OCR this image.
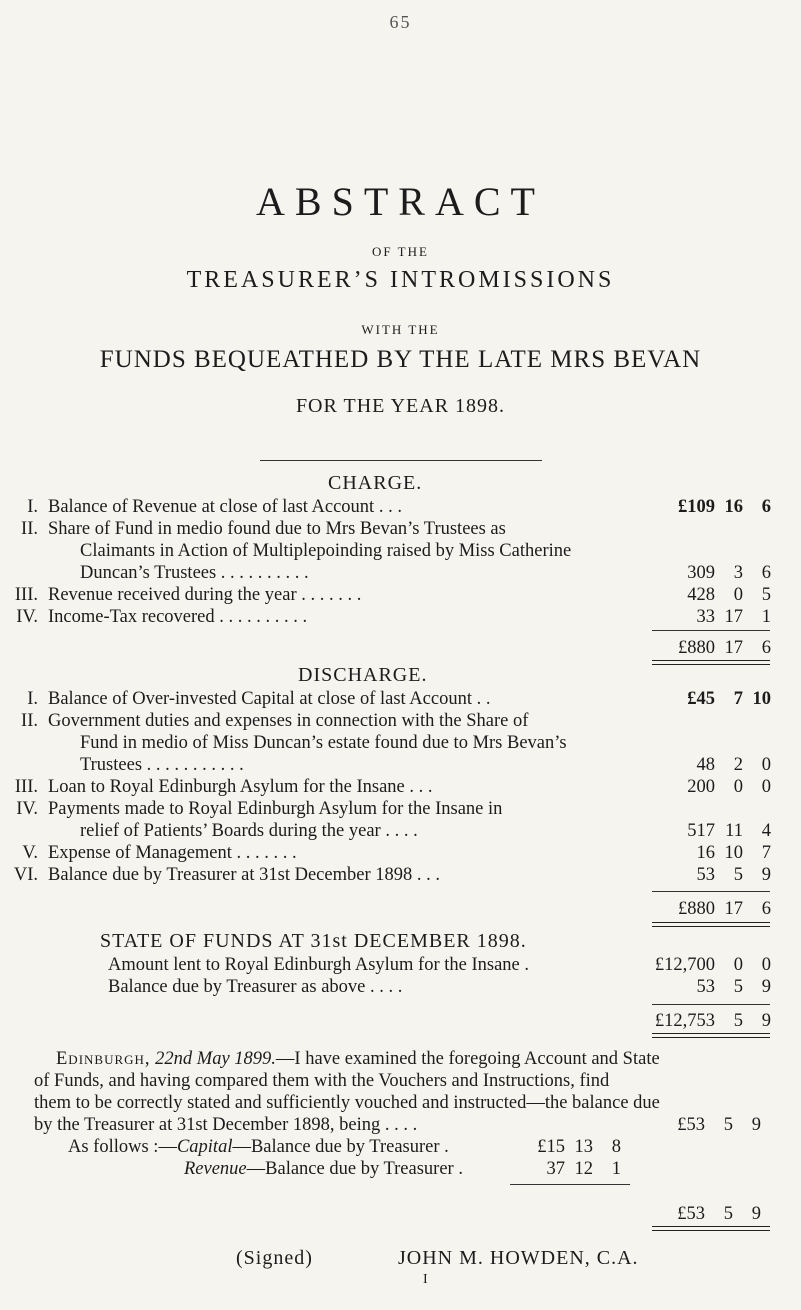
65
ABSTRACT
OF THE
TREASURER’S INTROMISSIONS
WITH THE
FUNDS BEQUEATHED BY THE LATE MRS BEVAN
FOR THE YEAR 1898.
CHARGE.
I. Balance of Revenue at close of last Account . . .	£109 16 6
II. Share of Fund in medio found due to Mrs Bevan’s Trustees as
Claimants in Action of Multiplepoinding raised by Miss Catherine
Duncan’s Trustees . . . . . . . . . .	309 3 6
III. Revenue received during the year . . . . . . .	428 0 5
IV. Income-Tax recovered . . . . . . . . . .	33 17 1
£880 17 6
DISCHARGE.
I. Balance of Over-invested Capital at close of last Account . .	£45 7 10
II. Government duties and expenses in connection with the Share of
Fund in medio of Miss Duncan’s estate found due to Mrs Bevan’s
Trustees . . . . . . . . . . .	48 2 0
III. Loan to Royal Edinburgh Asylum for the Insane . . .	200 0 0
IV. Payments made to Royal Edinburgh Asylum for the Insane in
relief of Patients’ Boards during the year . . . .	517 11 4
V. Expense of Management . . . . . . .	16 10 7
VI. Balance due by Treasurer at 31st December 1898 . . .	53 5 9
£880 17 6
STATE OF FUNDS AT 31st DECEMBER 1898.
Amount lent to Royal Edinburgh Asylum for the Insane .	£12,700 0 0
Balance due by Treasurer as above . . . .	53 5 9
£12,753 5 9
Edinburgh, 22nd May 1899.—I have examined the foregoing Account and State
of Funds, and having compared them with the Vouchers and Instructions, find
them to be correctly stated and sufficiently vouched and instructed—the balance due
by the Treasurer at 31st December 1898, being . . . .	£53 5 9
As follows :—Capital—Balance due by Treasurer .	£15 13 8
Revenue—Balance due by Treasurer .	37 12 1
£53 5 9
(Signed)	JOHN M. HOWDEN, C.A.
I
